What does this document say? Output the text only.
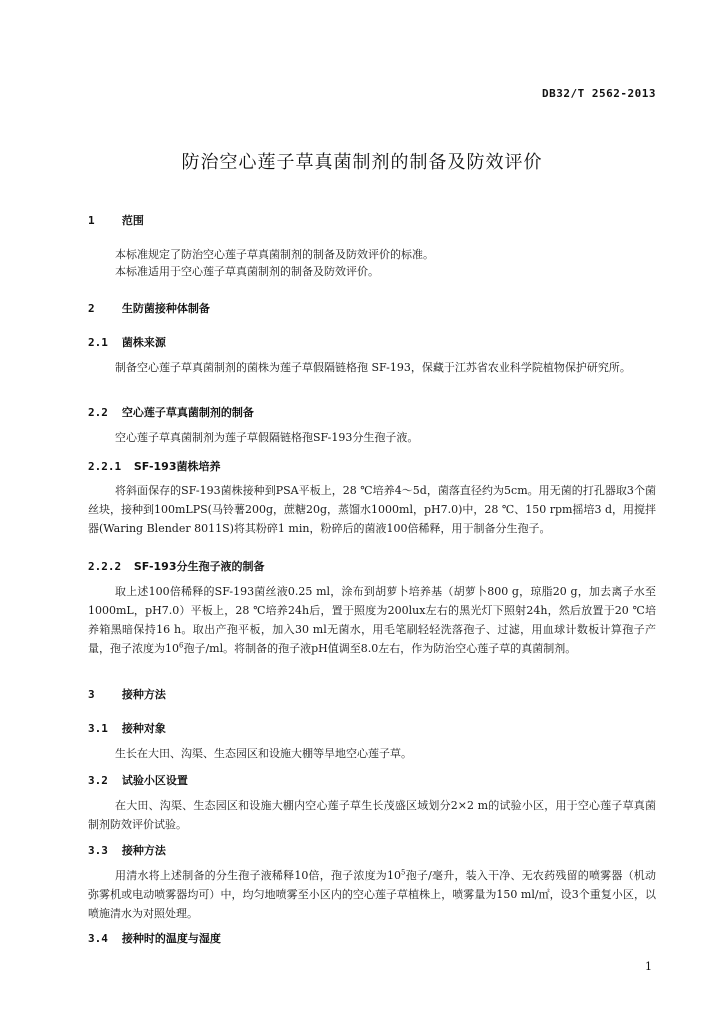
DB32/T 2562-2013
防治空心莲子草真菌制剂的制备及防效评价
1 范围
本标准规定了防治空心莲子草真菌制剂的制备及防效评价的标准。
本标准适用于空心莲子草真菌制剂的制备及防效评价。
2 生防菌接种体制备
2.1 菌株来源
制备空心莲子草真菌制剂的菌株为莲子草假隔链格孢 SF-193，保藏于江苏省农业科学院植物保护研究所。
2.2 空心莲子草真菌制剂的制备
空心莲子草真菌制剂为莲子草假隔链格孢SF-193分生孢子液。
2.2.1 SF-193菌株培养
将斜面保存的SF-193菌株接种到PSA平板上，28 ℃培养4～5d，菌落直径约为5cm。用无菌的打孔器取3个菌丝块，接种到100mLPS(马铃薯200g，蔗糖20g，蒸馏水1000ml，pH7.0)中，28 ℃、150 rpm摇培3 d，用搅拌器(Waring Blender 8011S)将其粉碎1 min，粉碎后的菌液100倍稀释，用于制备分生孢子。
2.2.2 SF-193分生孢子液的制备
取上述100倍稀释的SF-193菌丝液0.25 ml，涂布到胡萝卜培养基（胡萝卜800 g，琼脂20 g，加去离子水至1000mL，pH7.0）平板上，28 ℃培养24h后，置于照度为200lux左右的黑光灯下照射24h，然后放置于20 ℃培养箱黑暗保持16 h。取出产孢平板，加入30 ml无菌水，用毛笔刷轻轻洗落孢子、过滤，用血球计数板计算孢子产量，孢子浓度为$10^6$孢子/ml。将制备的孢子液pH值调至8.0左右，作为防治空心莲子草的真菌制剂。
3 接种方法
3.1 接种对象
生长在大田、沟渠、生态园区和设施大棚等旱地空心莲子草。
3.2 试验小区设置
在大田、沟渠、生态园区和设施大棚内空心莲子草生长茂盛区域划分2×2 m的试验小区，用于空心莲子草真菌制剂防效评价试验。
3.3 接种方法
用清水将上述制备的分生孢子液稀释10倍，孢子浓度为$10^5$孢子/毫升，装入干净、无农药残留的喷雾器（机动弥雾机或电动喷雾器均可）中，均匀地喷雾至小区内的空心莲子草植株上，喷雾量为150 ml/㎡，设3个重复小区，以喷施清水为对照处理。
3.4 接种时的温度与湿度
1
